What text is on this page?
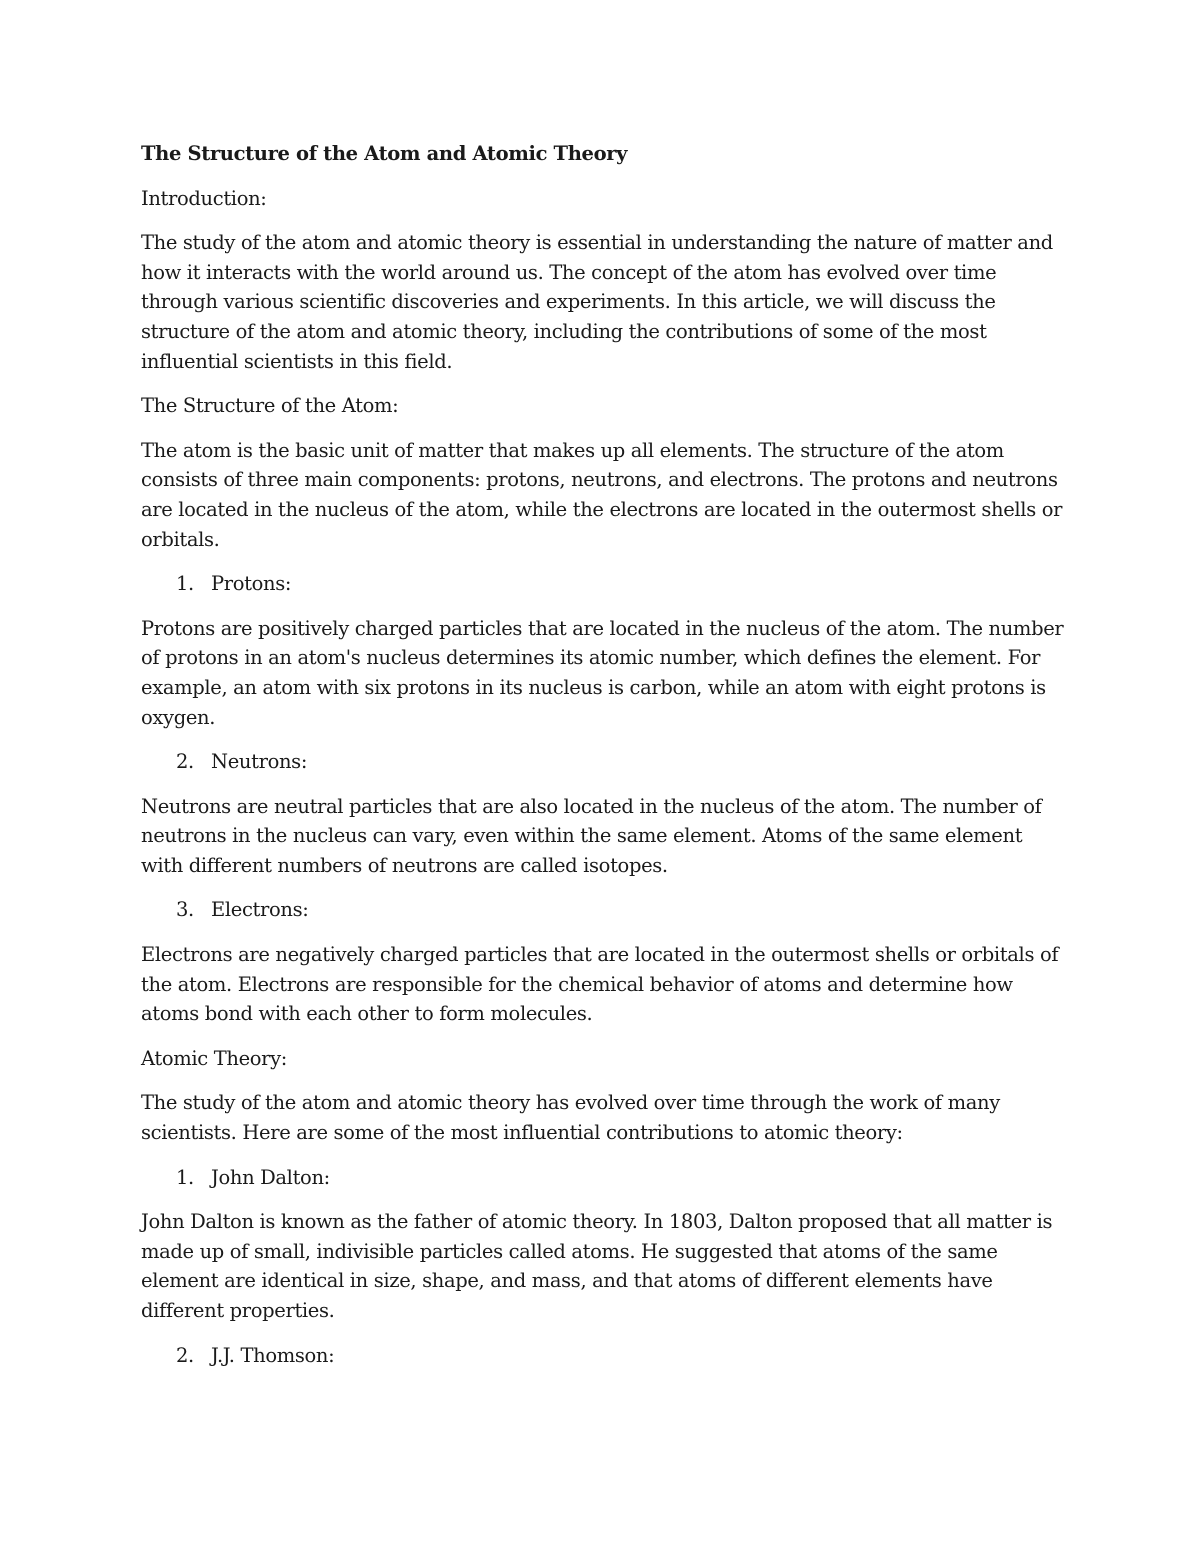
The Structure of the Atom and Atomic Theory
Introduction:
The study of the atom and atomic theory is essential in understanding the nature of matter and how it interacts with the world around us. The concept of the atom has evolved over time through various scientific discoveries and experiments. In this article, we will discuss the structure of the atom and atomic theory, including the contributions of some of the most influential scientists in this field.
The Structure of the Atom:
The atom is the basic unit of matter that makes up all elements. The structure of the atom consists of three main components: protons, neutrons, and electrons. The protons and neutrons are located in the nucleus of the atom, while the electrons are located in the outermost shells or orbitals.
1. Protons:
Protons are positively charged particles that are located in the nucleus of the atom. The number of protons in an atom's nucleus determines its atomic number, which defines the element. For example, an atom with six protons in its nucleus is carbon, while an atom with eight protons is oxygen.
2. Neutrons:
Neutrons are neutral particles that are also located in the nucleus of the atom. The number of neutrons in the nucleus can vary, even within the same element. Atoms of the same element with different numbers of neutrons are called isotopes.
3. Electrons:
Electrons are negatively charged particles that are located in the outermost shells or orbitals of the atom. Electrons are responsible for the chemical behavior of atoms and determine how atoms bond with each other to form molecules.
Atomic Theory:
The study of the atom and atomic theory has evolved over time through the work of many scientists. Here are some of the most influential contributions to atomic theory:
1. John Dalton:
John Dalton is known as the father of atomic theory. In 1803, Dalton proposed that all matter is made up of small, indivisible particles called atoms. He suggested that atoms of the same element are identical in size, shape, and mass, and that atoms of different elements have different properties.
2. J.J. Thomson:
